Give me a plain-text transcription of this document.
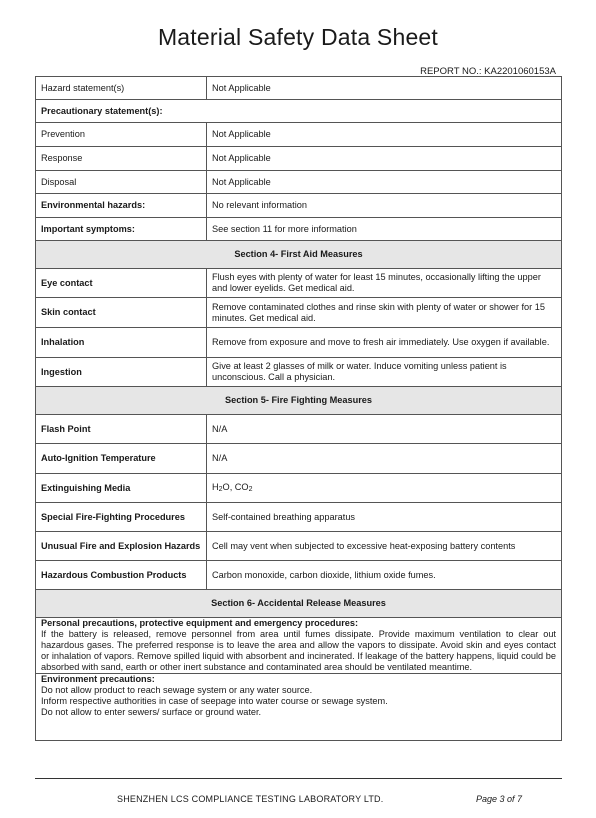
Material Safety Data Sheet
REPORT NO.: KA2201060153A
Hazard statement(s)	Not Applicable
Precautionary statement(s):	
Prevention	Not Applicable
Response	Not Applicable
Disposal	Not Applicable
Environmental hazards:	No relevant information
Important symptoms:	See section 11 for more information
Section 4- First Aid Measures	
Eye contact	Flush eyes with plenty of water for least 15 minutes, occasionally lifting the upper and lower eyelids. Get medical aid.
Skin contact	Remove contaminated clothes and rinse skin with plenty of water or shower for 15 minutes. Get medical aid.
Inhalation	Remove from exposure and move to fresh air immediately. Use oxygen if available.
Ingestion	Give at least 2 glasses of milk or water. Induce vomiting unless patient is unconscious. Call a physician.
Section 5- Fire Fighting Measures	
Flash Point	N/A
Auto-Ignition Temperature	N/A
Extinguishing Media	$H_2O$, $CO_2$
Special Fire-Fighting Procedures	Self-contained breathing apparatus
Unusual Fire and Explosion Hazards	Cell may vent when subjected to excessive heat-exposing battery contents
Hazardous Combustion Products	Carbon monoxide, carbon dioxide, lithium oxide fumes.
Section 6- Accidental Release Measures	

Personal precautions, protective equipment and emergency procedures:
If the battery is released, remove personnel from area until fumes dissipate. Provide maximum ventilation to clear out hazardous gases. The preferred response is to leave the area and allow the vapors to dissipate. Avoid skin and eyes contact or inhalation of vapors. Remove spilled liquid with absorbent and incinerated. If leakage of the battery happens, liquid could be absorbed with sand, earth or other inert substance and contaminated area should be ventilated meantime.	

Environment precautions:
Do not allow product to reach sewage system or any water source.
Inform respective authorities in case of seepage into water course or sewage system.
Do not allow to enter sewers/ surface or ground water.	
SHENZHEN LCS COMPLIANCE TESTING LABORATORY LTD.	Page 3 of 7
